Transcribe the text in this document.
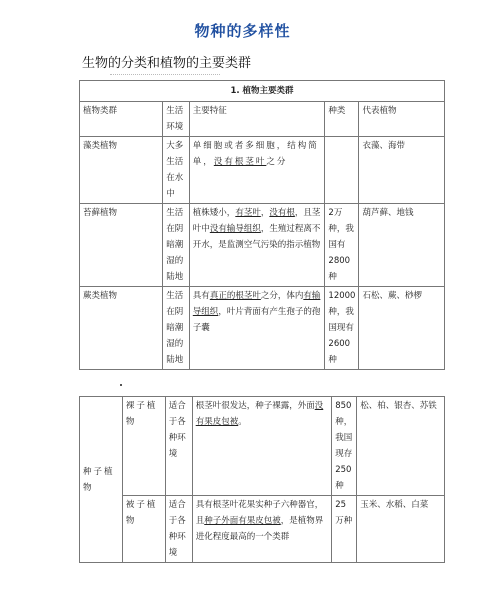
物种的多样性
生物的分类和植物的主要类群
1. 植物主要类群				
植物类群	生活环境	主要特征	种类	代表植物
藻类植物	大多生活在水中	单细胞或者多细胞，结构简单，没有根茎叶之分		衣藻、海带
苔藓植物	生活在阴暗潮湿的陆地	植株矮小，有茎叶，没有根，且茎叶中没有输导组织，生殖过程离不开水，是监测空气污染的指示植物	2万种，我国有2800种	葫芦藓、地钱
蕨类植物	生活在阴暗潮湿的陆地	具有真正的根茎叶之分，体内有输导组织，叶片背面有产生孢子的孢子囊	12000种，我国现有2600种	石松、蕨、桫椤
种子植物	裸子植物	适合于各种环境	根茎叶很发达，种子裸露，外面没有果皮包被。	850种，我国现存250种	松、柏、银杏、苏铁
	被子植物	适合于各种环境	具有根茎叶花果实种子六种器官，且种子外面有果皮包被，是植物界进化程度最高的一个类群	25万种	玉米、水稻、白菜
